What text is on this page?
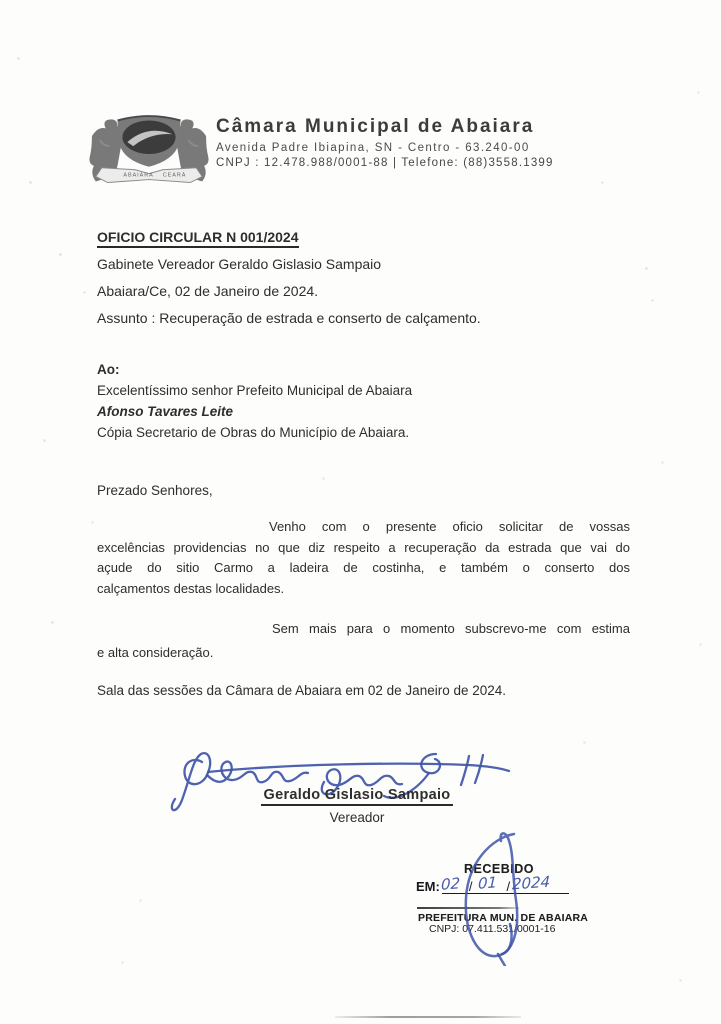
ABAIARA CEARÁ
Câmara Municipal de Abaiara
Avenida Padre Ibiapina, SN - Centro - 63.240-00
CNPJ : 12.478.988/0001-88 | Telefone: (88)3558.1399
OFICIO CIRCULAR N 001/2024
Gabinete Vereador Geraldo Gislasio Sampaio
Abaiara/Ce, 02 de Janeiro de 2024.
Assunto : Recuperação de estrada e conserto de calçamento.
Ao:
Excelentíssimo senhor Prefeito Municipal de Abaiara
Afonso Tavares Leite
Cópia Secretario de Obras do Município de Abaiara.
Prezado Senhores,
Venho com o presente oficio solicitar de vossas
excelências providencias no que diz respeito a recuperação da estrada que vai do
açude do sitio Carmo a ladeira de costinha, e também o conserto dos
calçamentos destas localidades.
Sem mais para o momento subscrevo-me com estima
e alta consideração.
Sala das sessões da Câmara de Abaiara em 02 de Janeiro de 2024.
Geraldo Gislasio Sampaio
Vereador
RECEBIDO
EM: /	/
02 01 2024
PREFEITURA MUN. DE ABAIARA
CNPJ: 07.411.531/0001-16
